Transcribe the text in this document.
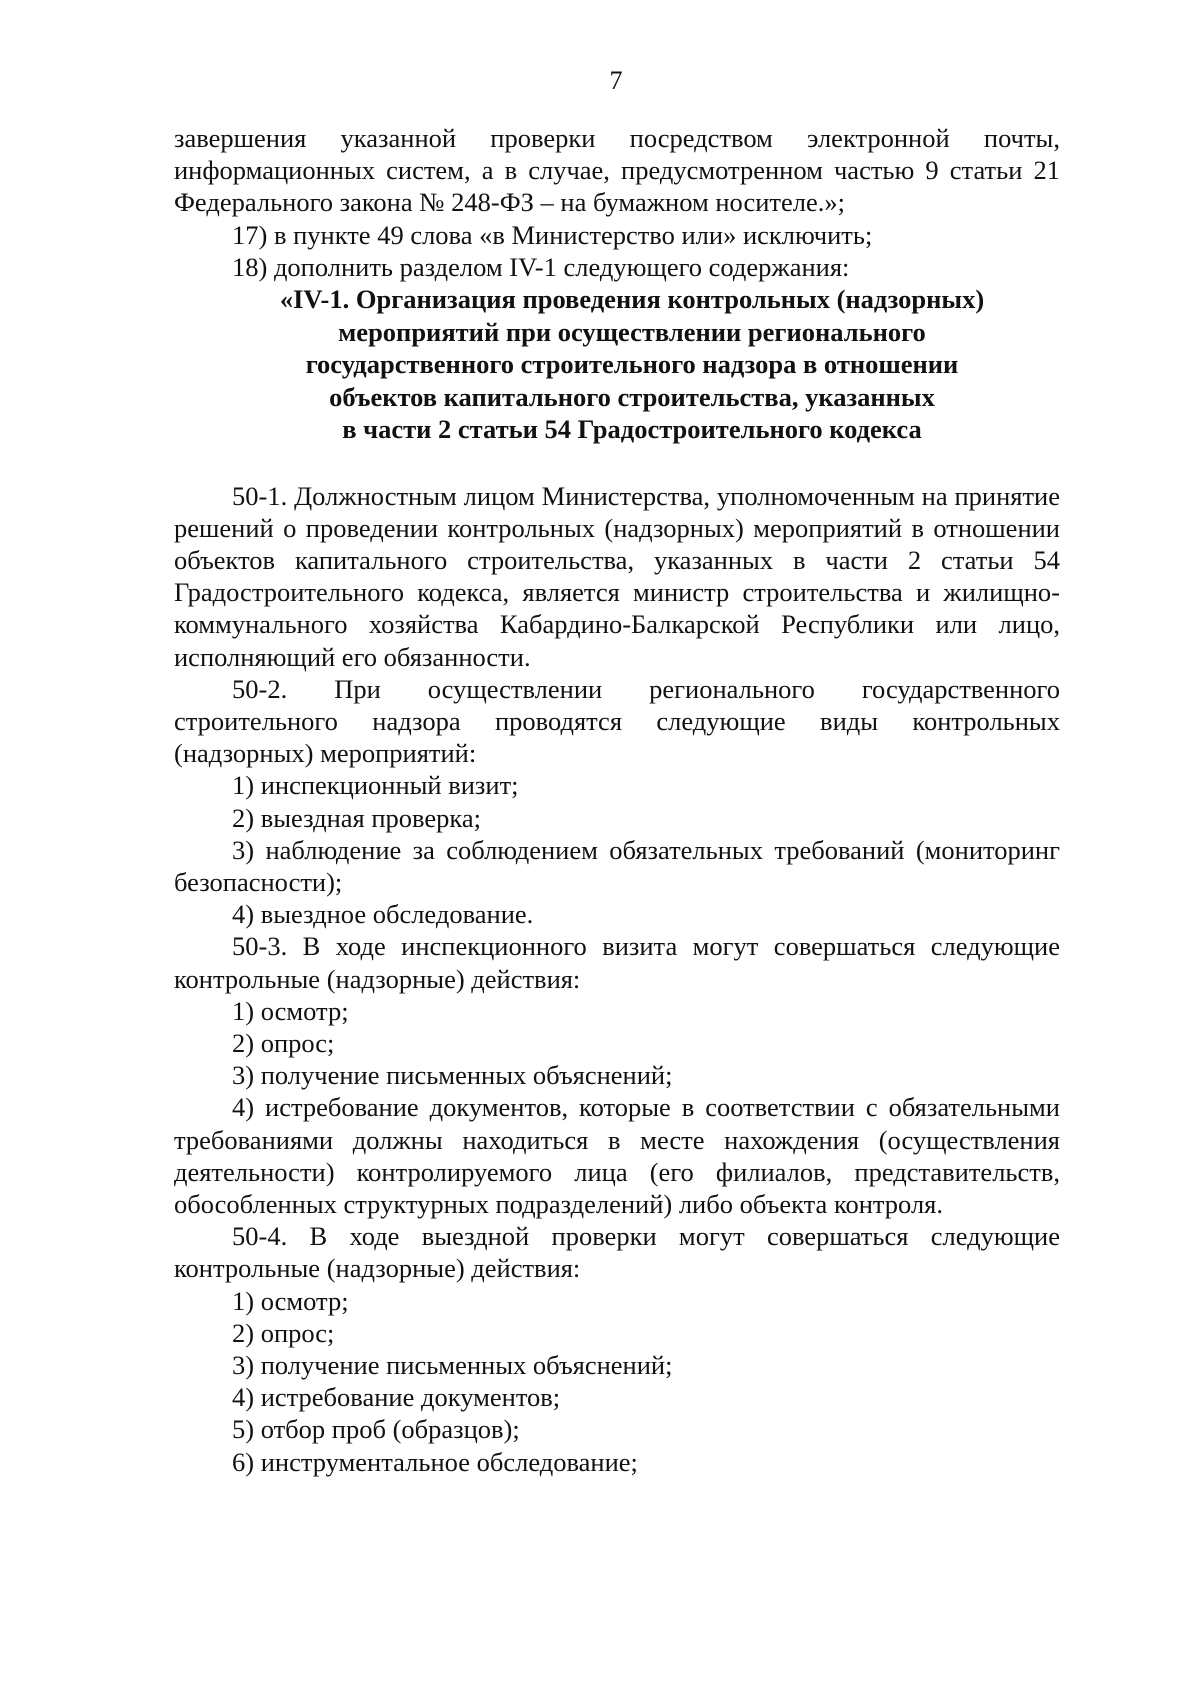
7

завершения указанной проверки посредством электронной почты, информационных систем, а в случае, предусмотренном частью 9 статьи 21 Федерального закона № 248-ФЗ – на бумажном носителе.»;

17) в пункте 49 слова «в Министерство или» исключить;

18) дополнить разделом IV-1 следующего содержания:

«IV-1. Организация проведения контрольных (надзорных)
мероприятий при осуществлении регионального
государственного строительного надзора в отношении
объектов капитального строительства, указанных
в части 2 статьи 54 Градостроительного кодекса

50-1. Должностным лицом Министерства, уполномоченным на принятие решений о проведении контрольных (надзорных) мероприятий в отношении объектов капитального строительства, указанных в части 2 статьи 54 Градостроительного кодекса, является министр строительства и жилищно-коммунального хозяйства Кабардино-Балкарской Республики или лицо, исполняющий его обязанности.

50-2. При осуществлении регионального государственного строительного надзора проводятся следующие виды контрольных (надзорных) мероприятий:

1) инспекционный визит;

2) выездная проверка;

3) наблюдение за соблюдением обязательных требований (мониторинг безопасности);

4) выездное обследование.

50-3. В ходе инспекционного визита могут совершаться следующие контрольные (надзорные) действия:

1) осмотр;

2) опрос;

3) получение письменных объяснений;

4) истребование документов, которые в соответствии с обязательными требованиями должны находиться в месте нахождения (осуществления деятельности) контролируемого лица (его филиалов, представительств, обособленных структурных подразделений) либо объекта контроля.

50-4. В ходе выездной проверки могут совершаться следующие контрольные (надзорные) действия:

1) осмотр;

2) опрос;

3) получение письменных объяснений;

4) истребование документов;

5) отбор проб (образцов);

6) инструментальное обследование;
